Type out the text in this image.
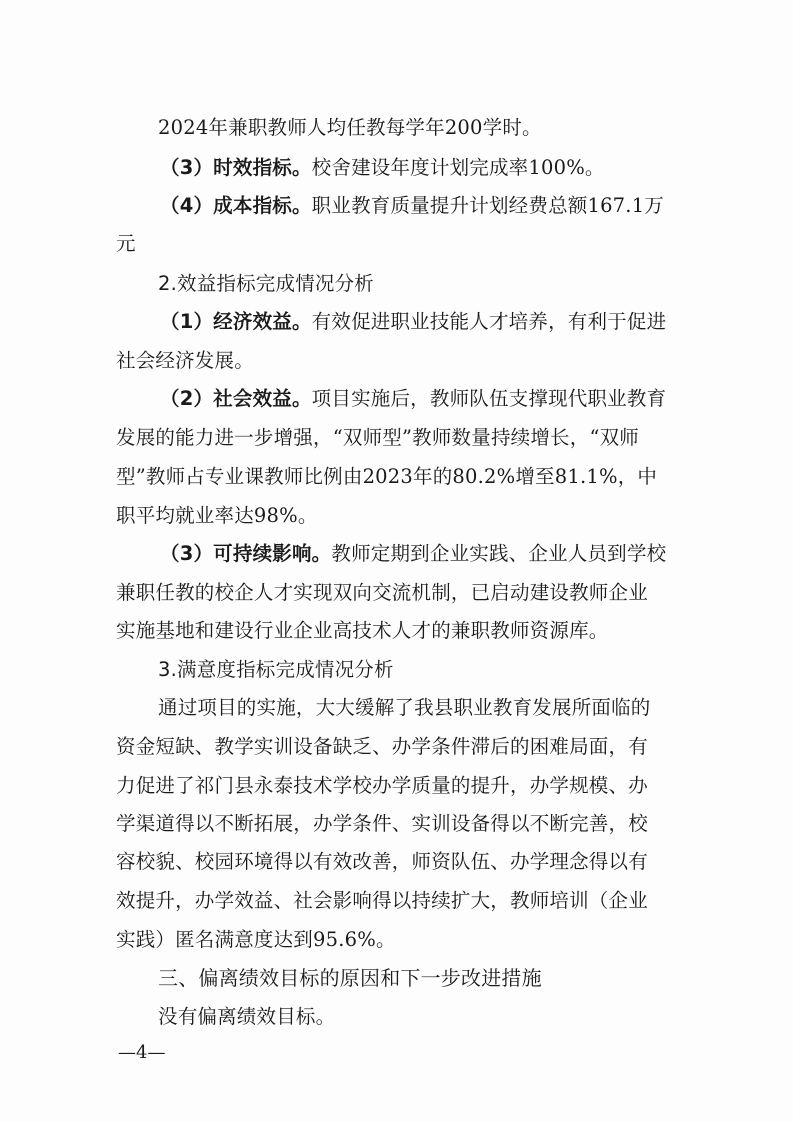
2024年兼职教师人均任教每学年200学时。
（3）时效指标。校舍建设年度计划完成率100%。
（4）成本指标。职业教育质量提升计划经费总额167.1万
元
2.效益指标完成情况分析
（1）经济效益。有效促进职业技能人才培养，有利于促进
社会经济发展。
（2）社会效益。项目实施后，教师队伍支撑现代职业教育
发展的能力进一步增强，“双师型”教师数量持续增长，“双师
型”教师占专业课教师比例由2023年的80.2%增至81.1%，中
职平均就业率达98%。
（3）可持续影响。教师定期到企业实践、企业人员到学校
兼职任教的校企人才实现双向交流机制，已启动建设教师企业
实施基地和建设行业企业高技术人才的兼职教师资源库。
3.满意度指标完成情况分析
通过项目的实施，大大缓解了我县职业教育发展所面临的
资金短缺、教学实训设备缺乏、办学条件滞后的困难局面，有
力促进了祁门县永泰技术学校办学质量的提升，办学规模、办
学渠道得以不断拓展，办学条件、实训设备得以不断完善，校
容校貌、校园环境得以有效改善，师资队伍、办学理念得以有
效提升，办学效益、社会影响得以持续扩大，教师培训（企业
实践）匿名满意度达到95.6%。
三、偏离绩效目标的原因和下一步改进措施
没有偏离绩效目标。
—4—
